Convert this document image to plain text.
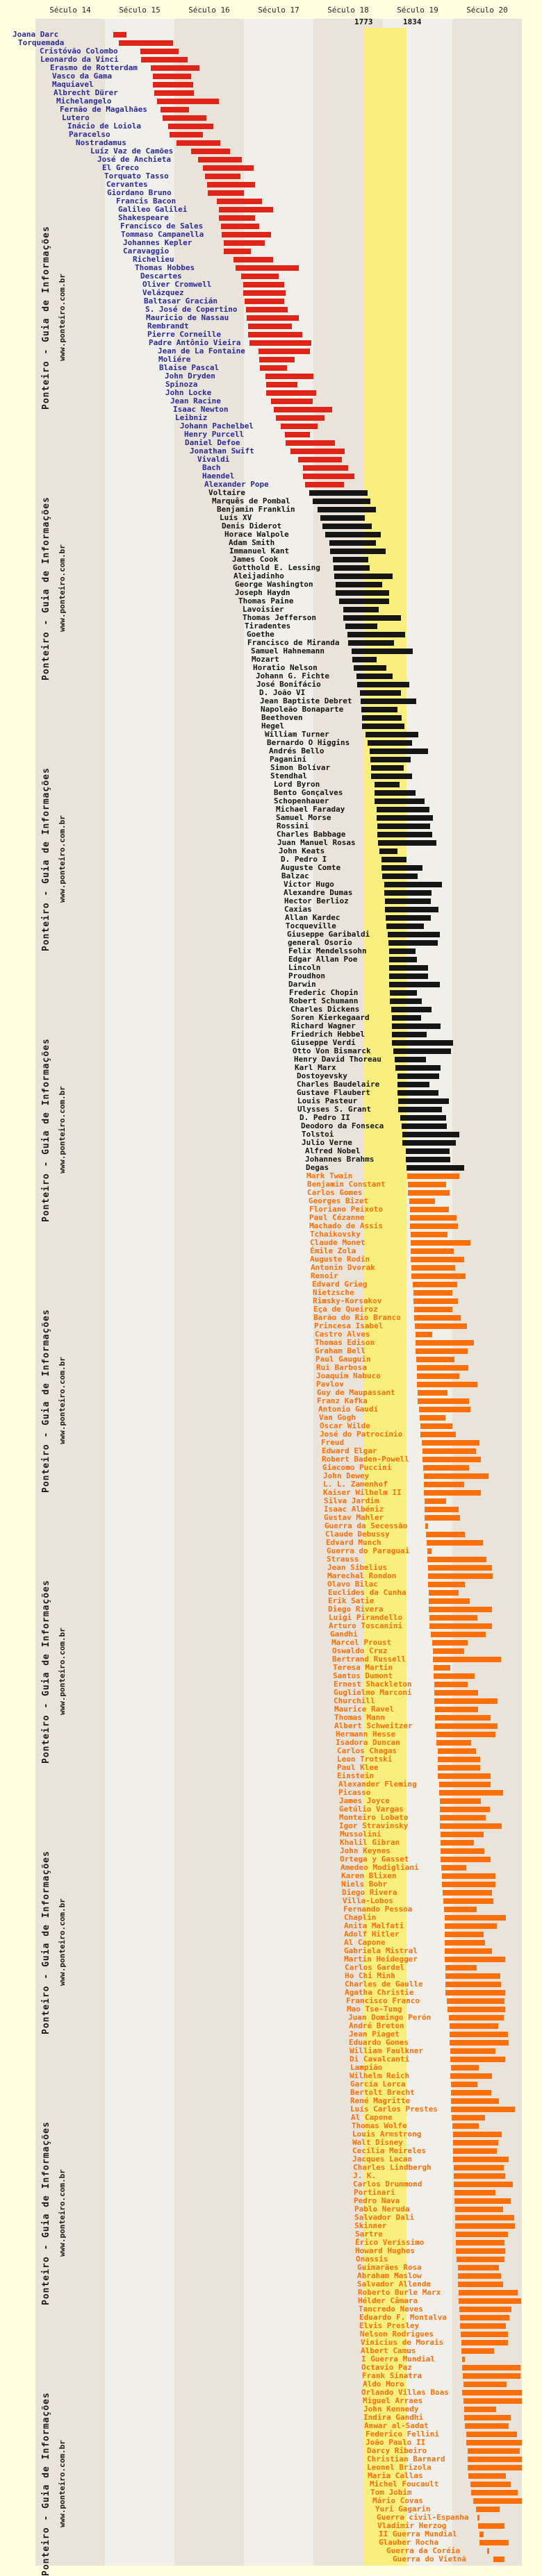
Século 14	Século 15	Século 16	Século 17	Século 18	Século 19	Século 20
1773	1834
Joana Darc
Torquemada
Cristóvão Colombo
Leonardo da Vinci
Erasmo de Rotterdam
Vasco da Gama
Maquiavel
Albrecht Dürer
Michelangelo
Fernão de Magalhães
Lutero
Inácio de Loiola
Paracelso
Nostradamus
Luíz Vaz de Camões
José de Anchieta
El Greco
Torquato Tasso
Cervantes
Giordano Bruno
Francis Bacon
Galileo Galilei
Shakespeare
Francisco de Sales
Tommaso Campanella
Johannes Kepler
Caravaggio
Richelieu
Thomas Hobbes
Descartes
Oliver Cromwell
Velázquez
Baltasar Gracián
S. José de Copertino
Mauricio de Nassau
Rembrandt
Pierre Corneille
Padre Antônio Vieira
Jean de La Fontaine
Moliére
Blaise Pascal
John Dryden
Spinoza
John Locke
Jean Racine
Isaac Newton
Leibniz
Johann Pachelbel
Henry Purcell
Daniel Defoe
Jonathan Swift
Vivaldi
Bach
Haendel
Alexander Pope
Voltaire
Marquês de Pombal
Benjamin Franklin
Luís XV
Denis Diderot
Horace Walpole
Adam Smith
Immanuel Kant
James Cook
Gotthold E. Lessing
Aleijadinho
George Washington
Joseph Haydn
Thomas Paine
Lavoisier
Thomas Jefferson
Tiradentes
Goethe
Francisco de Miranda
Samuel Hahnemann
Mozart
Horatio Nelson
Johann G. Fichte
José Bonifácio
D. João VI
Jean Baptiste Debret
Napoleão Bonaparte
Beethoven
Hegel
William Turner
Bernardo O Higgins
Andrés Bello
Paganini
Simon Bolívar
Stendhal
Lord Byron
Bento Gonçalves
Schopenhauer
Michael Faraday
Samuel Morse
Rossini
Charles Babbage
Juan Manuel Rosas
John Keats
D. Pedro I
Auguste Comte
Balzac
Victor Hugo
Alexandre Dumas
Hector Berlioz
Caxias
Allan Kardec
Tocqueville
Giuseppe Garibaldi
general Osorio
Felix Mendelssohn
Edgar Allan Poe
Lincoln
Proudhon
Darwin
Frederic Chopin
Robert Schumann
Charles Dickens
Soren Kierkegaard
Richard Wagner
Friedrich Hebbel
Giuseppe Verdi
Otto Von Bismarck
Henry David Thoreau
Karl Marx
Dostoyevsky
Charles Baudelaire
Gustave Flaubert
Louis Pasteur
Ulysses S. Grant
D. Pedro II
Deodoro da Fonseca
Tolstoi
Julio Verne
Alfred Nobel
Johannes Brahms
Degas
Mark Twain
Benjamin Constant
Carlos Gomes
Georges Bizet
Floriano Peixoto
Paul Cézanne
Machado de Assis
Tchaikovsky
Claude Monet
Émile Zola
Auguste Rodin
Antonin Dvorak
Renoir
Edvard Grieg
Nietzsche
Rimsky-Korsakov
Eça de Queiroz
Barão do Rio Branco
Princesa Isabel
Castro Alves
Thomas Edison
Graham Bell
Paul Gauguin
Rui Barbosa
Joaquim Nabuco
Pavlov
Guy de Maupassant
Franz Kafka
Antonio Gaudí
Van Gogh
Oscar Wilde
José do Patrocínio
Freud
Edward Elgar
Robert Baden-Powell
Giacomo Puccini
John Dewey
L. L. Zamenhof
Kaiser Wilhelm II
Silva Jardim
Isaac Albéniz
Gustav Mahler
Guerra da Secessão
Claude Debussy
Edvard Munch
Guerra do Paraguai
Strauss
Jean Sibelius
Marechal Rondon
Olavo Bilac
Euclides da Cunha
Erik Satie
Diego Rivera
Luigi Pirandello
Arturo Toscanini
Gandhi
Marcel Proust
Oswaldo Cruz
Bertrand Russell
Teresa Martin
Santos Dumont
Ernest Shackleton
Guglielmo Marconi
Churchill
Maurice Ravel
Thomas Mann
Albert Schweitzer
Hermann Hesse
Isadora Duncan
Carlos Chagas
Leon Trotski
Paul Klee
Einstein
Alexander Fleming
Picasso
James Joyce
Getúlio Vargas
Monteiro Lobato
Igor Stravinsky
Mussolini
Khalil Gibran
John Keynes
Ortega y Gasset
Amedeo Modigliani
Karen Blixen
Niels Bohr
Diego Rivera
Villa-Lobos
Fernando Pessoa
Chaplin
Anita Malfati
Adolf Hitler
Al Capone
Gabriela Mistral
Martin Heidegger
Carlos Gardel
Ho Chi Minh
Charles de Gaulle
Agatha Christie
Francisco Franco
Mao Tse-Tung
Juan Domingo Perón
André Breton
Jean Piaget
Eduardo Gomes
William Faulkner
Di Cavalcanti
Lampião
Wilhelm Reich
García Lorca
Bertolt Brecht
René Magritte
Luís Carlos Prestes
Al Capone
Thomas Wolfe
Louis Armstrong
Walt Disney
Cecília Meireles
Jacques Lacan
Charles Lindbergh
J. K.
Carlos Drummond
Portinari
Pedro Nava
Pablo Neruda
Salvador Dali
Skinner
Sartre
Érico Veríssimo
Howard Hughes
Onassis
Guimarães Rosa
Abraham Maslow
Salvador Allende
Roberto Burle Marx
Hélder Câmara
Tancredo Neves
Eduardo F. Montalva
Elvis Presley
Nelson Rodrigues
Vinícius de Morais
Albert Camus
I Guerra Mundial
Octavio Paz
Frank Sinatra
Aldo Moro
Orlando Villas Boas
Miguel Arraes
John Kennedy
Indira Gandhi
Anwar al-Sadat
Federico Fellini
João Paulo II
Darcy Ribeiro
Christian Barnard
Leonel Brizola
Maria Callas
Michel Foucault
Tom Jobim
Mário Covas
Yuri Gagarin
Guerra civil-Espanha
Vladimir Herzog
II Guerra Mundial
Glauber Rocha
Guerra da Coréia
Guerra do Vietnã
Ponteiro - Guia de Informações www.ponteiro.com.br
Ponteiro - Guia de Informações www.ponteiro.com.br
Ponteiro - Guia de Informações www.ponteiro.com.br
Ponteiro - Guia de Informações www.ponteiro.com.br
Ponteiro - Guia de Informações www.ponteiro.com.br
Ponteiro - Guia de Informações www.ponteiro.com.br
Ponteiro - Guia de Informações www.ponteiro.com.br
Ponteiro - Guia de Informações www.ponteiro.com.br
Ponteiro - Guia de Informações www.ponteiro.com.br
